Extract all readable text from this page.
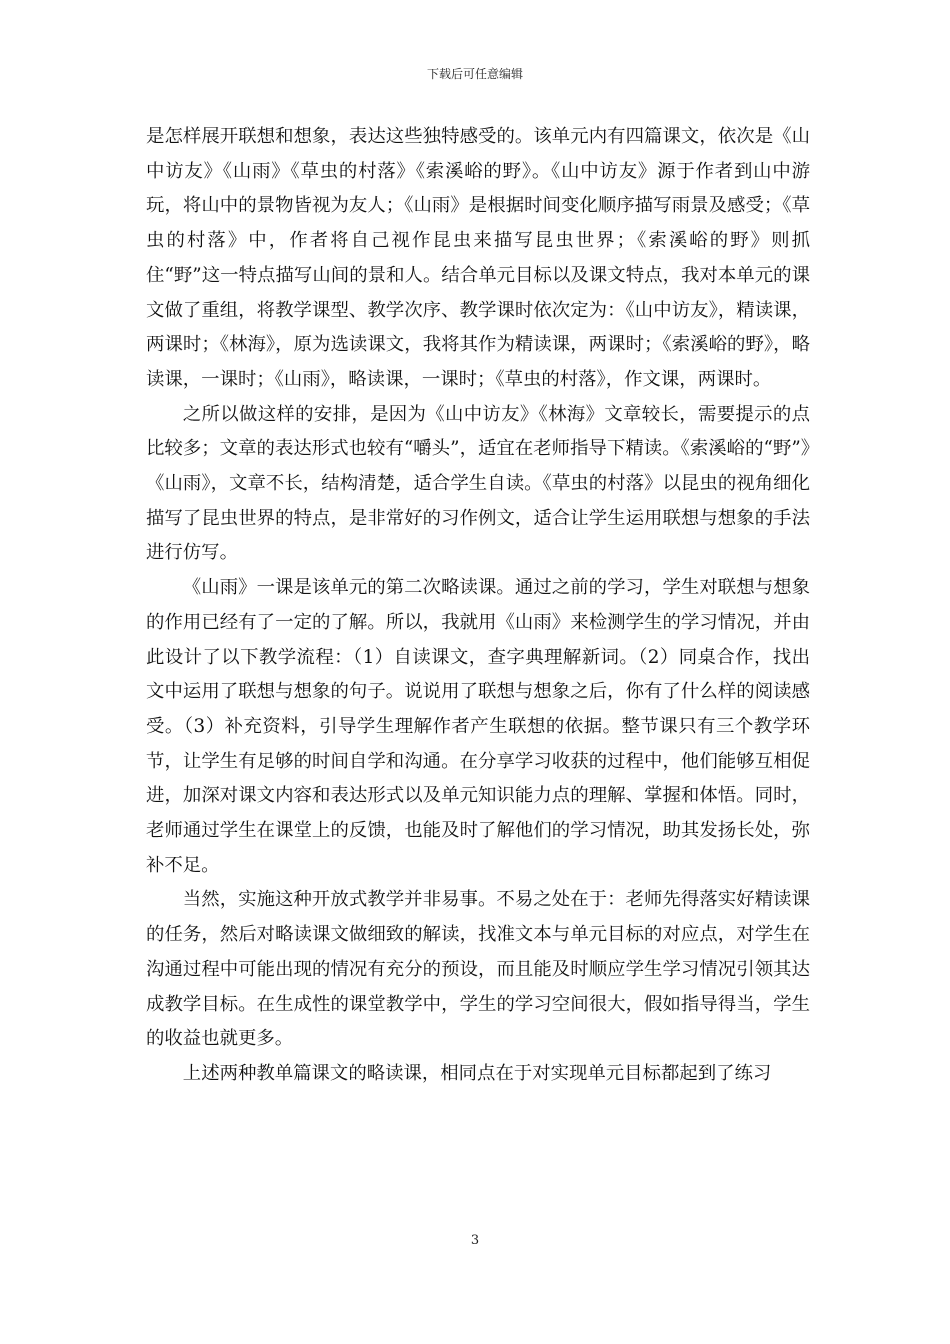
下载后可任意编辑

是怎样展开联想和想象，表达这些独特感受的。该单元内有四篇课文，依次是《山中访友》《山雨》《草虫的村落》《索溪峪的野》。《山中访友》源于作者到山中游玩，将山中的景物皆视为友人；《山雨》是根据时间变化顺序描写雨景及感受；《草虫的村落》中，作者将自己视作昆虫来描写昆虫世界；《索溪峪的野》则抓住“野”这一特点描写山间的景和人。结合单元目标以及课文特点，我对本单元的课文做了重组，将教学课型、教学次序、教学课时依次定为：《山中访友》，精读课，两课时；《林海》，原为选读课文，我将其作为精读课，两课时；《索溪峪的野》，略读课，一课时；《山雨》，略读课，一课时；《草虫的村落》，作文课，两课时。

之所以做这样的安排，是因为《山中访友》《林海》文章较长，需要提示的点比较多；文章的表达形式也较有“嚼头”，适宜在老师指导下精读。《索溪峪的“野”》《山雨》，文章不长，结构清楚，适合学生自读。《草虫的村落》以昆虫的视角细化描写了昆虫世界的特点，是非常好的习作例文，适合让学生运用联想与想象的手法进行仿写。

《山雨》一课是该单元的第二次略读课。通过之前的学习，学生对联想与想象的作用已经有了一定的了解。所以，我就用《山雨》来检测学生的学习情况，并由此设计了以下教学流程：（1）自读课文，查字典理解新词。（2）同桌合作，找出文中运用了联想与想象的句子。说说用了联想与想象之后，你有了什么样的阅读感受。（3）补充资料，引导学生理解作者产生联想的依据。整节课只有三个教学环节，让学生有足够的时间自学和沟通。在分享学习收获的过程中，他们能够互相促进，加深对课文内容和表达形式以及单元知识能力点的理解、掌握和体悟。同时，老师通过学生在课堂上的反馈，也能及时了解他们的学习情况，助其发扬长处，弥补不足。

当然，实施这种开放式教学并非易事。不易之处在于：老师先得落实好精读课的任务，然后对略读课文做细致的解读，找准文本与单元目标的对应点，对学生在沟通过程中可能出现的情况有充分的预设，而且能及时顺应学生学习情况引领其达成教学目标。在生成性的课堂教学中，学生的学习空间很大，假如指导得当，学生的收益也就更多。

上述两种教单篇课文的略读课，相同点在于对实现单元目标都起到了练习

3
